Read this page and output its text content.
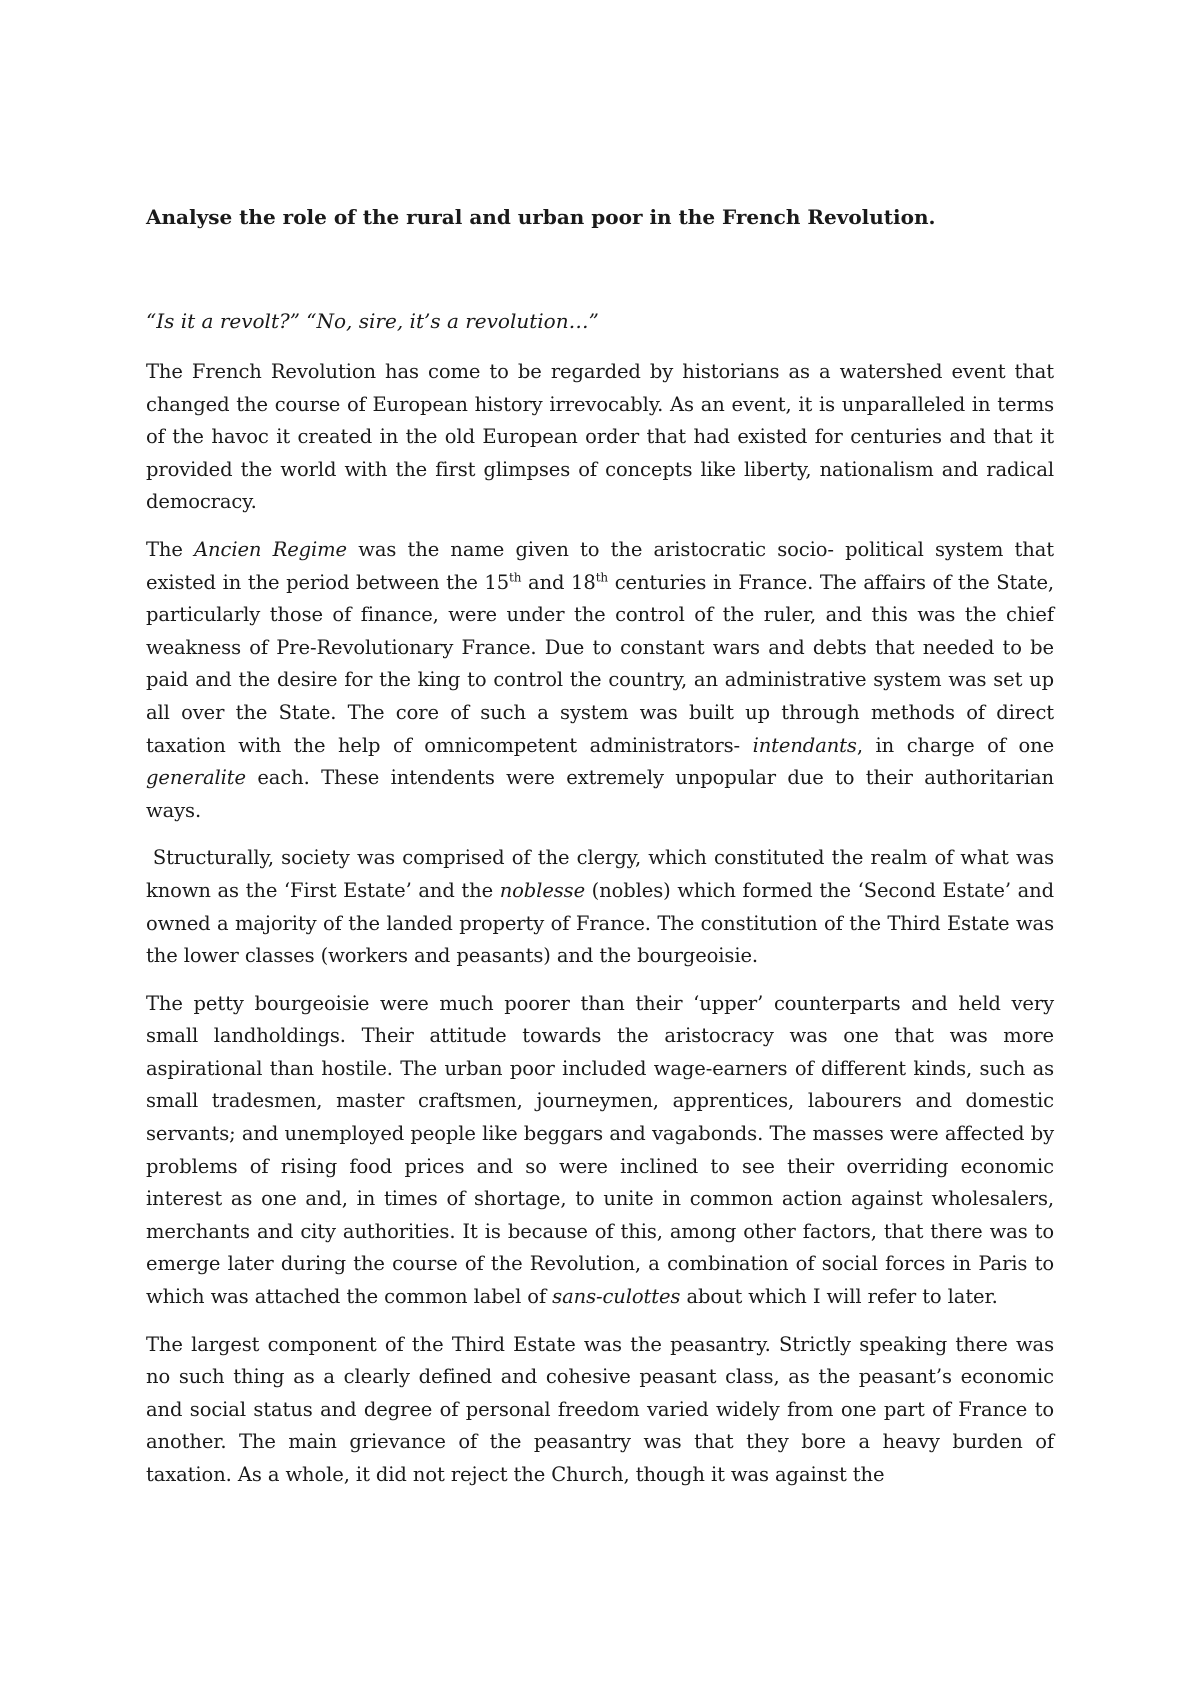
Analyse the role of the rural and urban poor in the French Revolution.

“Is it a revolt?” “No, sire, it’s a revolution…”

The French Revolution has come to be regarded by historians as a watershed event that changed the course of European history irrevocably. As an event, it is unparalleled in terms of the havoc it created in the old European order that had existed for centuries and that it provided the world with the first glimpses of concepts like liberty, nationalism and radical democracy.

The Ancien Regime was the name given to the aristocratic socio- political system that existed in the period between the 15th and 18th centuries in France. The affairs of the State, particularly those of finance, were under the control of the ruler, and this was the chief weakness of Pre-Revolutionary France. Due to constant wars and debts that needed to be paid and the desire for the king to control the country, an administrative system was set up all over the State. The core of such a system was built up through methods of direct taxation with the help of omnicompetent administrators- intendants, in charge of one generalite each. These intendents were extremely unpopular due to their authoritarian ways.

Structurally, society was comprised of the clergy, which constituted the realm of what was known as the ‘First Estate’ and the noblesse (nobles) which formed the ‘Second Estate’ and owned a majority of the landed property of France. The constitution of the Third Estate was the lower classes (workers and peasants) and the bourgeoisie.

The petty bourgeoisie were much poorer than their ‘upper’ counterparts and held very small landholdings. Their attitude towards the aristocracy was one that was more aspirational than hostile. The urban poor included wage-earners of different kinds, such as small tradesmen, master craftsmen, journeymen, apprentices, labourers and domestic servants; and unemployed people like beggars and vagabonds. The masses were affected by problems of rising food prices and so were inclined to see their overriding economic interest as one and, in times of shortage, to unite in common action against wholesalers, merchants and city authorities. It is because of this, among other factors, that there was to emerge later during the course of the Revolution, a combination of social forces in Paris to which was attached the common label of sans-culottes about which I will refer to later.

The largest component of the Third Estate was the peasantry. Strictly speaking there was no such thing as a clearly defined and cohesive peasant class, as the peasant’s economic and social status and degree of personal freedom varied widely from one part of France to another. The main grievance of the peasantry was that they bore a heavy burden of taxation. As a whole, it did not reject the Church, though it was against the
